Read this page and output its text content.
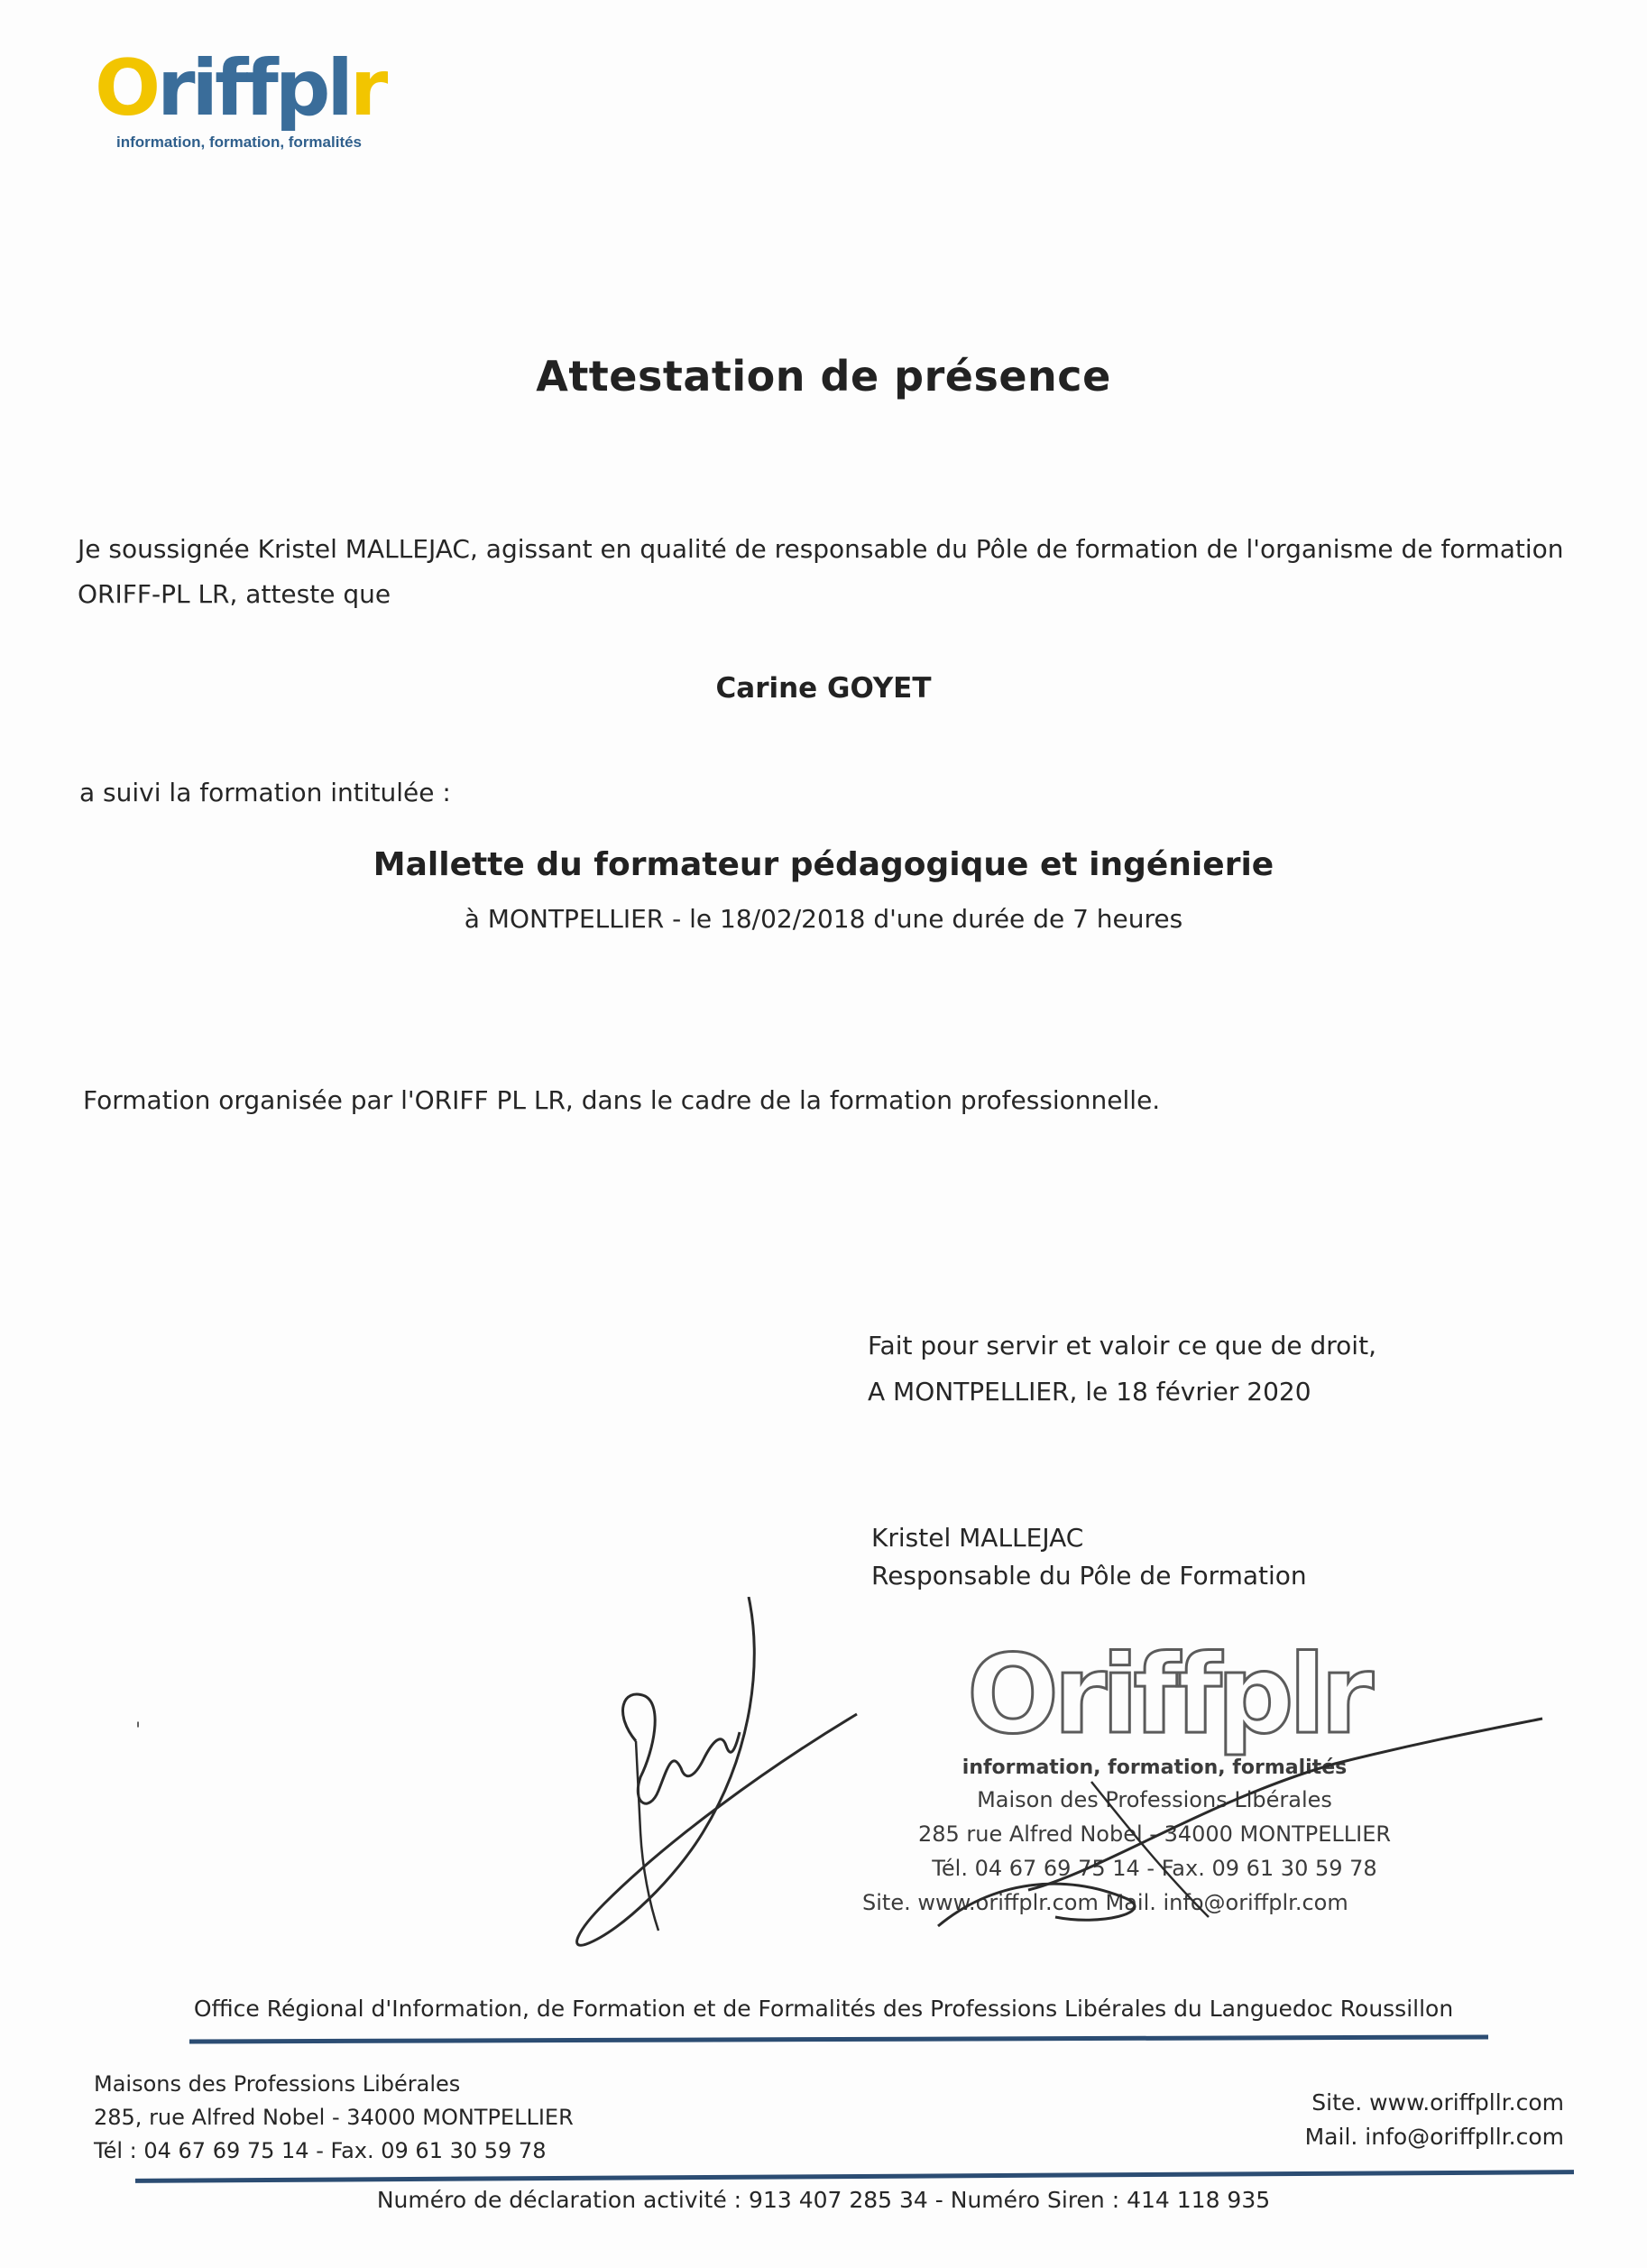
Oriffplr
information, formation, formalités
Attestation de présence
Je soussignée Kristel MALLEJAC, agissant en qualité de responsable du Pôle de formation de l'organisme de formation
ORIFF-PL LR, atteste que
Carine GOYET
a suivi la formation intitulée :
Mallette du formateur pédagogique et ingénierie
à MONTPELLIER - le 18/02/2018 d'une durée de 7 heures
Formation organisée par l'ORIFF PL LR, dans le cadre de la formation professionnelle.
Fait pour servir et valoir ce que de droit,
A MONTPELLIER, le 18 février 2020
Kristel MALLEJAC
Responsable du Pôle de Formation
'	Oriffplr
information, formation, formalités
Maison des Professions Libérales
285 rue Alfred Nobel - 34000 MONTPELLIER
Tél. 04 67 69 75 14 - Fax. 09 61 30 59 78
Site. www.oriffplr.com Mail. info@oriffplr.com
Office Régional d'Information, de Formation et de Formalités des Professions Libérales du Languedoc Roussillon
Maisons des Professions Libérales
285, rue Alfred Nobel - 34000 MONTPELLIER
Tél : 04 67 69 75 14 - Fax. 09 61 30 59 78
Site. www.oriffpllr.com
Mail. info@oriffpllr.com
Numéro de déclaration activité : 913 407 285 34 - Numéro Siren : 414 118 935
